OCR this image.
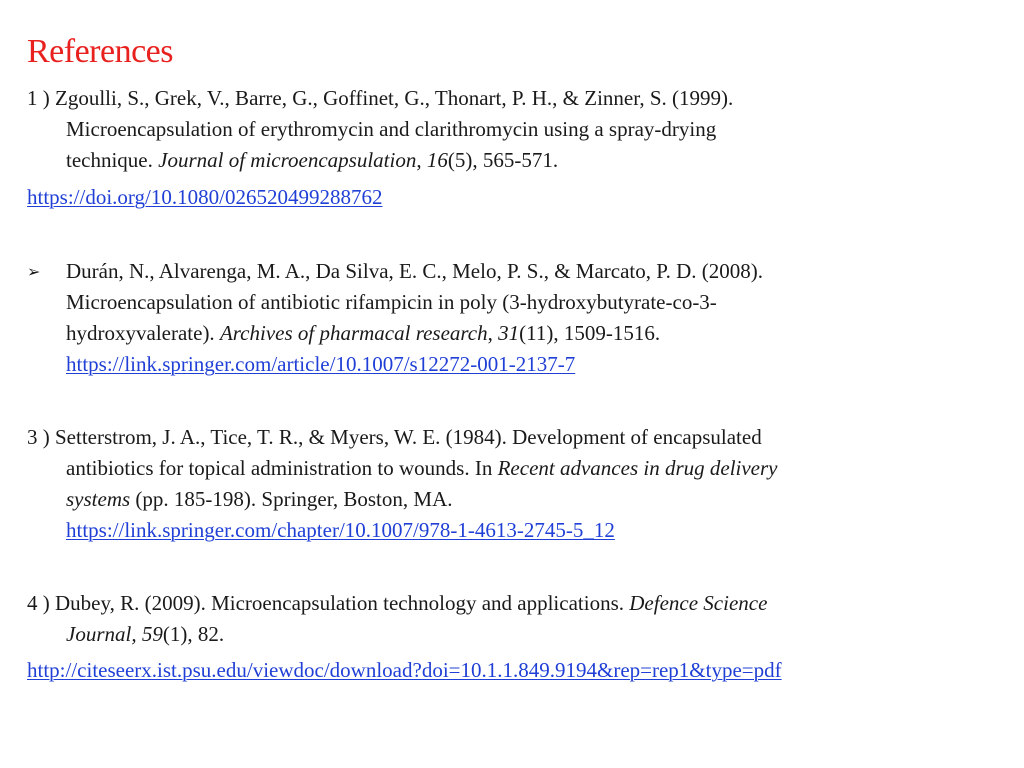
References
1 ) Zgoulli, S., Grek, V., Barre, G., Goffinet, G., Thonart, P. H., & Zinner, S. (1999).
Microencapsulation of erythromycin and clarithromycin using a spray-drying
technique. Journal of microencapsulation, 16(5), 565-571.
https://doi.org/10.1080/026520499288762
➢ Durán, N., Alvarenga, M. A., Da Silva, E. C., Melo, P. S., & Marcato, P. D. (2008).
Microencapsulation of antibiotic rifampicin in poly (3-hydroxybutyrate-co-3-
hydroxyvalerate). Archives of pharmacal research, 31(11), 1509-1516.
https://link.springer.com/article/10.1007/s12272-001-2137-7
3 ) Setterstrom, J. A., Tice, T. R., & Myers, W. E. (1984). Development of encapsulated
antibiotics for topical administration to wounds. In Recent advances in drug delivery
systems (pp. 185-198). Springer, Boston, MA.
https://link.springer.com/chapter/10.1007/978-1-4613-2745-5_12
4 ) Dubey, R. (2009). Microencapsulation technology and applications. Defence Science
Journal, 59(1), 82.
http://citeseerx.ist.psu.edu/viewdoc/download?doi=10.1.1.849.9194&rep=rep1&type=pdf
